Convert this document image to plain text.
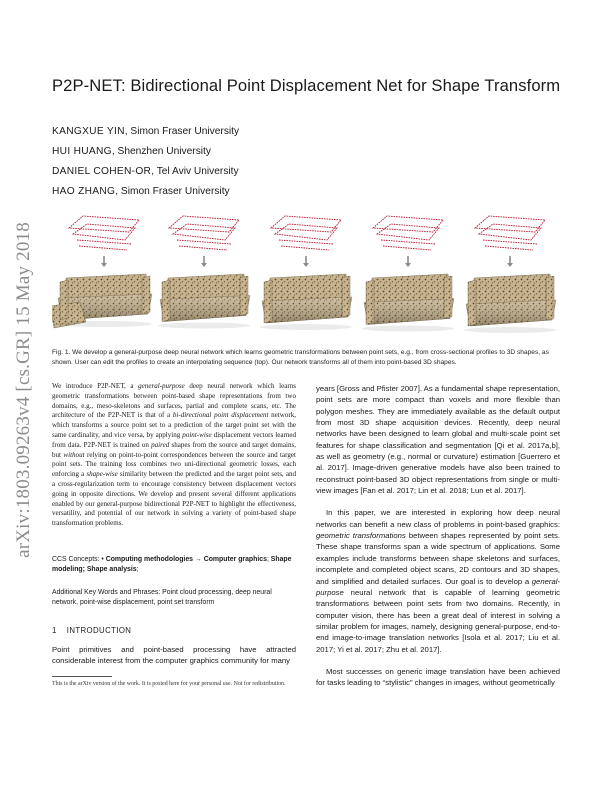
arXiv:1803.09263v4 [cs.GR] 15 May 2018
P2P-NET: Bidirectional Point Displacement Net for Shape Transform
KANGXUE YIN, Simon Fraser University
HUI HUANG, Shenzhen University
DANIEL COHEN-OR, Tel Aviv University
HAO ZHANG, Simon Fraser University
Fig. 1. We develop a general-purpose deep neural network which learns geometric transformations between point sets, e.g., from cross-sectional profiles to 3D shapes, as shown. User can edit the profiles to create an interpolating sequence (top). Our network transforms all of them into point-based 3D shapes.

We introduce P2P-NET, a general-purpose deep neural network which learns geometric transformations between point-based shape representations from two domains, e.g., meso-skeletons and surfaces, partial and complete scans, etc. The architecture of the P2P-NET is that of a bi-directional point displacement network, which transforms a source point set to a prediction of the target point set with the same cardinality, and vice versa, by applying point-wise displacement vectors learned from data. P2P-NET is trained on paired shapes from the source and target domains, but without relying on point-to-point correspondences between the source and target point sets. The training loss combines two uni-directional geometric losses, each enforcing a shape-wise similarity between the predicted and the target point sets, and a cross-regularization term to encourage consistency between displacement vectors going in opposite directions. We develop and present several different applications enabled by our general-purpose bidirectional P2P-NET to highlight the effectiveness, versatility, and potential of our network in solving a variety of point-based shape transformation problems.

CCS Concepts: • Computing methodologies → Computer graphics; Shape modeling; Shape analysis;
Additional Key Words and Phrases: Point cloud processing, deep neural network, point-wise displacement, point set transform
1 INTRODUCTION
Point primitives and point-based processing have attracted considerable interest from the computer graphics community for many
This is the arXiv version of the work. It is posted here for your personal use. Not for redistribution.

years [Gross and Pfister 2007]. As a fundamental shape representation, point sets are more compact than voxels and more flexible than polygon meshes. They are immediately available as the default output from most 3D shape acquisition devices. Recently, deep neural networks have been designed to learn global and multi-scale point set features for shape classification and segmentation [Qi et al. 2017a,b], as well as geometry (e.g., normal or curvature) estimation [Guerrero et al. 2017]. Image-driven generative models have also been trained to reconstruct point-based 3D object representations from single or multi-view images [Fan et al. 2017; Lin et al. 2018; Lun et al. 2017].

In this paper, we are interested in exploring how deep neural networks can benefit a new class of problems in point-based graphics: geometric transformations between shapes represented by point sets. These shape transforms span a wide spectrum of applications. Some examples include transforms between shape skeletons and surfaces, incomplete and completed object scans, 2D contours and 3D shapes, and simplified and detailed surfaces. Our goal is to develop a general-purpose neural network that is capable of learning geometric transformations between point sets from two domains. Recently, in computer vision, there has been a great deal of interest in solving a similar problem for images, namely, designing general-purpose, end-to-end image-to-image translation networks [Isola et al. 2017; Liu et al. 2017; Yi et al. 2017; Zhu et al. 2017].

Most successes on generic image translation have been achieved for tasks leading to “stylistic” changes in images, without geometrically
